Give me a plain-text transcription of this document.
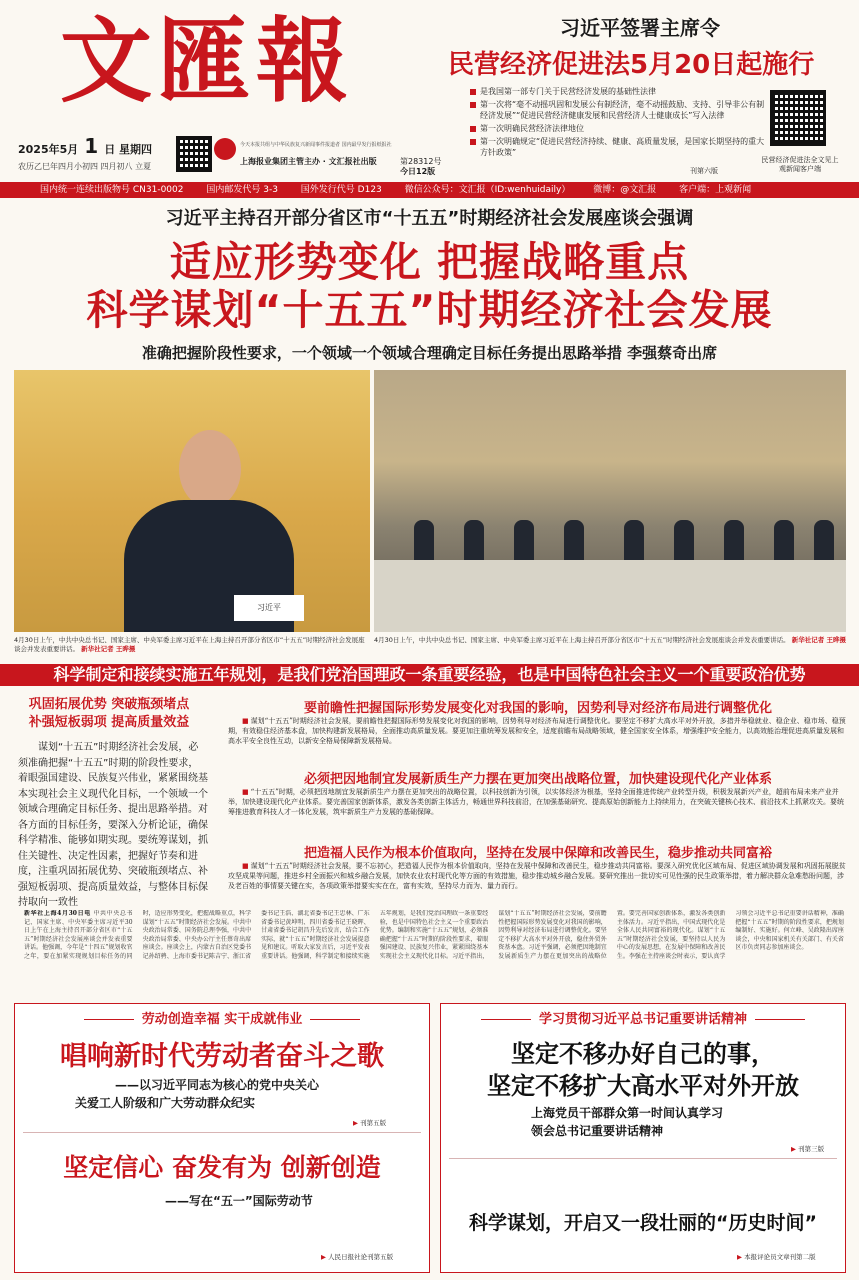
文匯報
2025年5月 1 日 星期四
农历乙巳年四月小初四 四月初八 立夏
今天本报共组与中华民族复兴新闻事件报道者 国内最早发行报纸报社
上海报业集团主管主办 · 文汇报社出版	第28312号
今日12版
习近平签署主席令
民营经济促进法5月20日起施行
是我国第一部专门关于民营经济发展的基础性法律
第一次将“毫不动摇巩固和发展公有制经济，毫不动摇鼓励、支持、引导非公有制经济发展”“促进民营经济健康发展和民营经济人士健康成长”写入法律
第一次明确民营经济法律地位
第一次明确规定“促进民营经济持续、健康、高质量发展，是国家长期坚持的重大方针政策”
刊第六版
民营经济促进法全文见上观新闻客户端
国内统一连续出版物号 CN31-0002	国内邮发代号 3-3	国外发行代号 D123	微信公众号：文汇报（ID:wenhuidaily）	微博：@文汇报	客户端：上观新闻
习近平主持召开部分省区市“十五五”时期经济社会发展座谈会强调
适应形势变化 把握战略重点
科学谋划“十五五”时期经济社会发展
准确把握阶段性要求，一个领域一个领域合理确定目标任务提出思路举措 李强蔡奇出席
习近平
4月30日上午，中共中央总书记、国家主席、中央军委主席习近平在上海主持召开部分省区市“十五五”时期经济社会发展座谈会并发表重要讲话。 新华社记者 王晔摄
4月30日上午，中共中央总书记、国家主席、中央军委主席习近平在上海主持召开部分省区市“十五五”时期经济社会发展座谈会并发表重要讲话。 新华社记者 王晔摄
科学制定和接续实施五年规划，是我们党治国理政一条重要经验，也是中国特色社会主义一个重要政治优势
巩固拓展优势 突破瓶颈堵点
补强短板弱项 提高质量效益
谋划“十五五”时期经济社会发展，必须准确把握“十五五”时期的阶段性要求，着眼强国建设、民族复兴伟业，紧紧围绕基本实现社会主义现代化目标，一个领域一个领域合理确定目标任务、提出思路举措。对各方面的目标任务，要深入分析论证，确保科学精准、能够如期实现。要统筹谋划，抓住关键性、决定性因素，把握好节奏和进度，注重巩固拓展优势、突破瓶颈堵点、补强短板弱项、提高质量效益，与整体目标保持取向一致性
要前瞻性把握国际形势发展变化对我国的影响，因势利导对经济布局进行调整优化
■ 谋划“十五五”时期经济社会发展，要前瞻性把握国际形势发展变化对我国的影响，因势利导对经济布局进行调整优化。要坚定不移扩大高水平对外开放，多措并举稳就业、稳企业、稳市场、稳预期，有效稳住经济基本盘，加快构建新发展格局，全面推动高质量发展。要更加注重统筹发展和安全，适度前瞻布局战略领域，健全国家安全体系，增强维护安全能力，以高效能治理促进高质量发展和高水平安全良性互动，以新安全格局保障新发展格局。
必须把因地制宜发展新质生产力摆在更加突出战略位置，加快建设现代化产业体系
■ “十五五”时期，必须把因地制宜发展新质生产力摆在更加突出的战略位置，以科技创新为引领，以实体经济为根基，坚持全面推进传统产业转型升级，积极发展新兴产业，超前布局未来产业并举，加快建设现代化产业体系。要完善国家创新体系，激发各类创新主体活力，畅通世界科技前沿，在加强基础研究、提高原始创新能力上持续用力，在突破关键核心技术、前沿技术上抓紧攻关。要统筹推进教育科技人才一体化发展，筑牢新质生产力发展的基础保障。
把造福人民作为根本价值取向，坚持在发展中保障和改善民生，稳步推动共同富裕
■ 谋划“十五五”时期经济社会发展，要不忘初心，把造福人民作为根本价值取向，坚持在发展中保障和改善民生，稳步推动共同富裕。要深入研究优化区域布局、促进区域协调发展和巩固拓展脱贫攻坚成果等问题，推进乡村全面振兴和城乡融合发展，加快农业农村现代化等方面的有效措施，稳步推动城乡融合发展。要研究推出一批切实可见性强的民生政策举措，着力解决群众急难愁盼问题，涉及老百姓的事情要关键在实，各项政策举措要实实在在，富有实效，坚持尽力而为、量力而行。
新华社上海4月30日电 中共中央总书记、国家主席、中央军委主席习近平30日上午在上海主持召开部分省区市“十五五”时期经济社会发展座谈会并发表重要讲话。他强调，今年是“十四五”规划收官之年，要在加紧实现规划目标任务的同时，适应形势变化，把握战略重点，科学谋划“十五五”时期经济社会发展。中共中央政治局常委、国务院总理李强，中共中央政治局常委、中央办公厅主任蔡奇出席座谈会。座谈会上，内蒙古自治区党委书记孙绍骋、上海市委书记陈吉宁、浙江省委书记王浩、湖北省委书记王忠林、广东省委书记黄坤明、四川省委书记王晓晖、甘肃省委书记胡昌升先后发言，结合工作实际，就“十五五”时期经济社会发展提意见和建议。听取大家发言后，习近平发表重要讲话。他强调，科学制定和接续实施五年规划，是我们党治国理政一条重要经验，也是中国特色社会主义一个重要政治优势。编制和实施“十五五”规划，必须准确把握“十五五”时期的阶段性要求，着眼强国建设、民族复兴伟业，紧紧围绕基本实现社会主义现代化目标。习近平指出，谋划“十五五”时期经济社会发展，要前瞻性把握国际形势发展变化对我国的影响，因势利导对经济布局进行调整优化。要坚定不移扩大高水平对外开放，稳住外贸外资基本盘。习近平强调，必须把因地制宜发展新质生产力摆在更加突出的战略位置。要完善国家创新体系，激发各类创新主体活力。习近平指出，中国式现代化是全体人民共同富裕的现代化。谋划“十五五”时期经济社会发展，要坚持以人民为中心的发展思想，在发展中保障和改善民生。李强在主持座谈会时表示，要认真学习领会习近平总书记重要讲话精神，准确把握“十五五”时期的阶段性要求，把规划编制好、实施好。何立峰、吴政隆出席座谈会，中央和国家机关有关部门、有关省区市负责同志参加座谈会。
劳动创造幸福 实干成就伟业
唱响新时代劳动者奋斗之歌
——以习近平同志为核心的党中央关心
关爱工人阶级和广大劳动群众纪实
▶ 刊第五版
坚定信心 奋发有为 创新创造
——写在“五一”国际劳动节
▶ 人民日报社论刊第五版
学习贯彻习近平总书记重要讲话精神
坚定不移办好自己的事，
坚定不移扩大高水平对外开放
上海党员干部群众第一时间认真学习
领会总书记重要讲话精神
▶ 刊第三版
科学谋划，开启又一段壮丽的“历史时间”
▶ 本报评论员文章刊第二版
